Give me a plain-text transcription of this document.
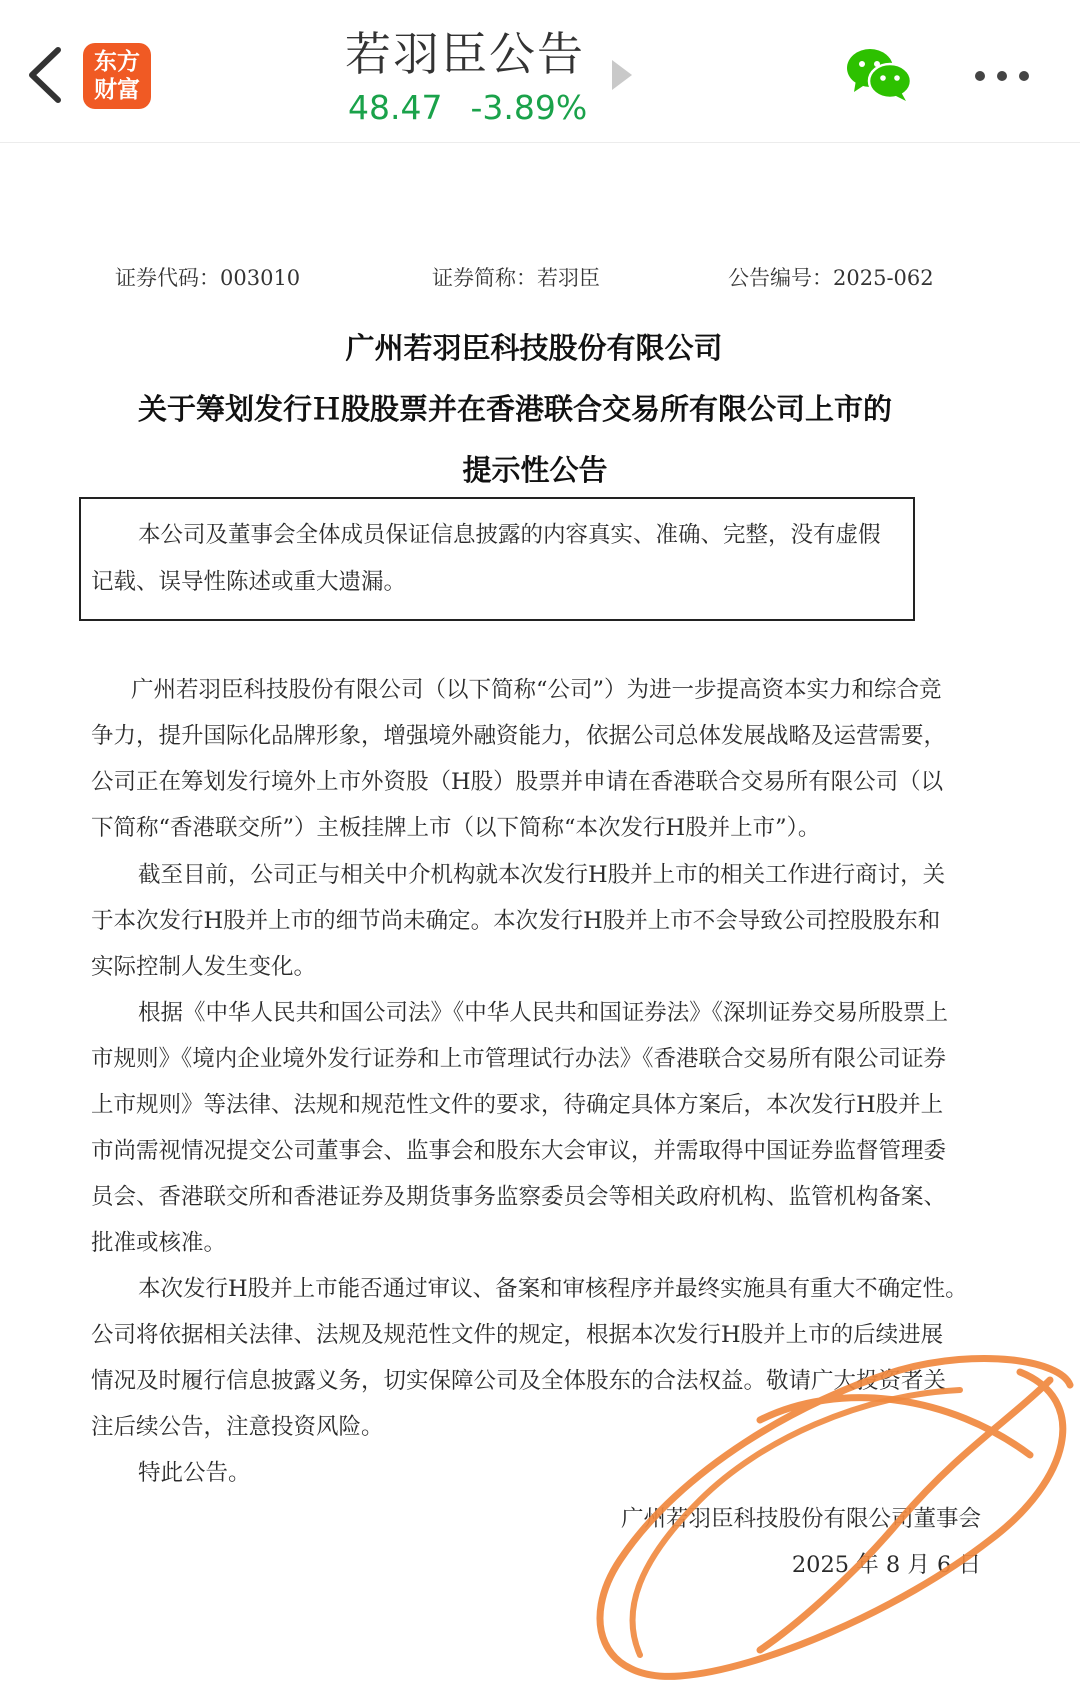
东方
财富
若羽臣公告
48.47 -3.89%
证券代码：003010	证券简称：若羽臣	公告编号：2025-062
广州若羽臣科技股份有限公司
关于筹划发行Ｈ股股票并在香港联合交易所有限公司上市的
提示性公告
本公司及董事会全体成员保证信息披露的内容真实、准确、完整，没有虚假
记载、误导性陈述或重大遗漏。
广州若羽臣科技股份有限公司（以下简称“公司”）为进一步提高资本实力和综合竞
争力，提升国际化品牌形象，增强境外融资能力，依据公司总体发展战略及运营需要，
公司正在筹划发行境外上市外资股（H股）股票并申请在香港联合交易所有限公司（以
下简称“香港联交所”）主板挂牌上市（以下简称“本次发行H股并上市”）。
截至目前，公司正与相关中介机构就本次发行H股并上市的相关工作进行商讨，关
于本次发行H股并上市的细节尚未确定。本次发行H股并上市不会导致公司控股股东和
实际控制人发生变化。
根据《中华人民共和国公司法》《中华人民共和国证券法》《深圳证券交易所股票上
市规则》《境内企业境外发行证券和上市管理试行办法》《香港联合交易所有限公司证券
上市规则》等法律、法规和规范性文件的要求，待确定具体方案后，本次发行H股并上
市尚需视情况提交公司董事会、监事会和股东大会审议，并需取得中国证券监督管理委
员会、香港联交所和香港证券及期货事务监察委员会等相关政府机构、监管机构备案、
批准或核准。
本次发行H股并上市能否通过审议、备案和审核程序并最终实施具有重大不确定性。
公司将依据相关法律、法规及规范性文件的规定，根据本次发行H股并上市的后续进展
情况及时履行信息披露义务，切实保障公司及全体股东的合法权益。敬请广大投资者关
注后续公告，注意投资风险。
特此公告。
广州若羽臣科技股份有限公司董事会
2025 年 8 月 6 日
